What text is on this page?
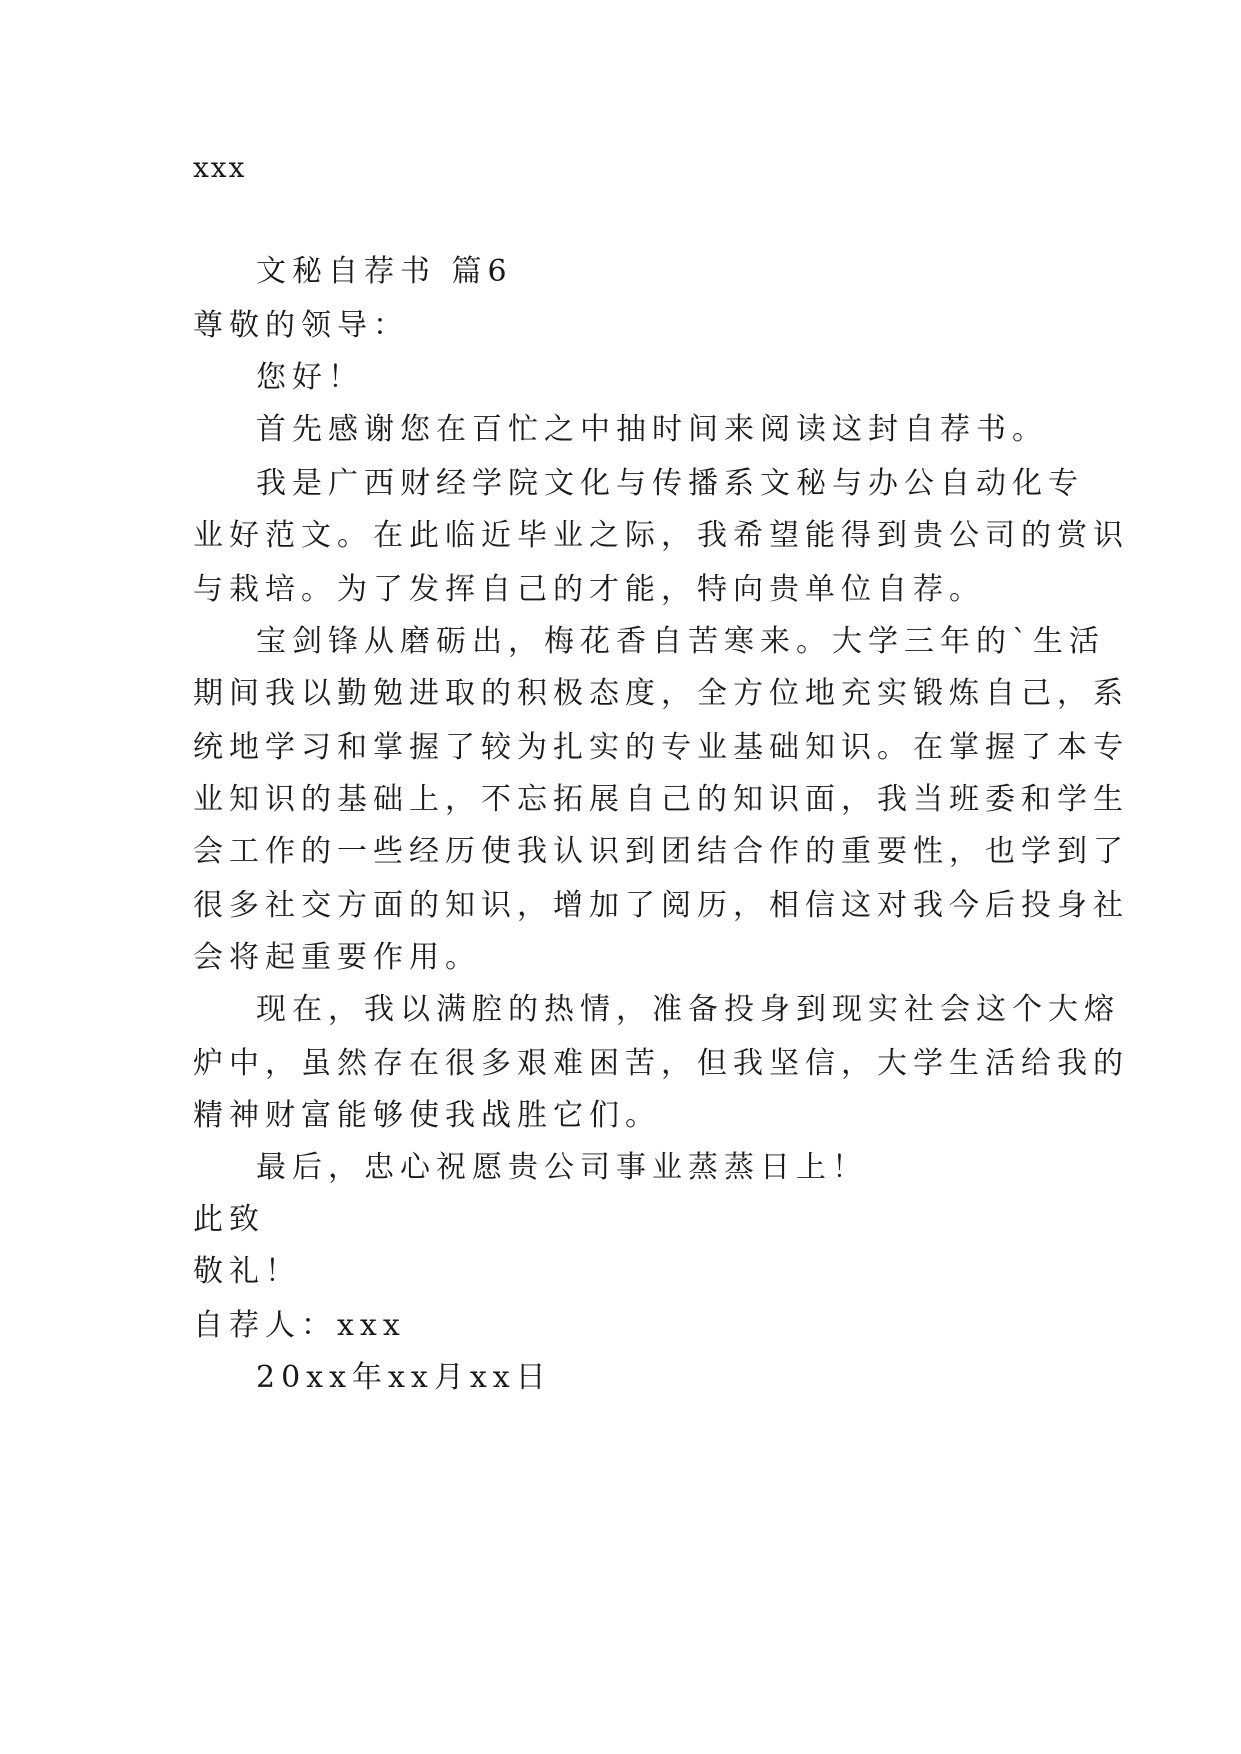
xxx
文秘自荐书 篇6
尊敬的领导：
您好！
首先感谢您在百忙之中抽时间来阅读这封自荐书。
我是广西财经学院文化与传播系文秘与办公自动化专
业好范文。在此临近毕业之际，我希望能得到贵公司的赏识
与栽培。为了发挥自己的才能，特向贵单位自荐。
宝剑锋从磨砺出，梅花香自苦寒来。大学三年的`生活
期间我以勤勉进取的积极态度，全方位地充实锻炼自己，系
统地学习和掌握了较为扎实的专业基础知识。在掌握了本专
业知识的基础上，不忘拓展自己的知识面，我当班委和学生
会工作的一些经历使我认识到团结合作的重要性，也学到了
很多社交方面的知识，增加了阅历，相信这对我今后投身社
会将起重要作用。
现在，我以满腔的热情，准备投身到现实社会这个大熔
炉中，虽然存在很多艰难困苦，但我坚信，大学生活给我的
精神财富能够使我战胜它们。
最后，忠心祝愿贵公司事业蒸蒸日上！
此致
敬礼！
自荐人：xxx
20xx年xx月xx日
